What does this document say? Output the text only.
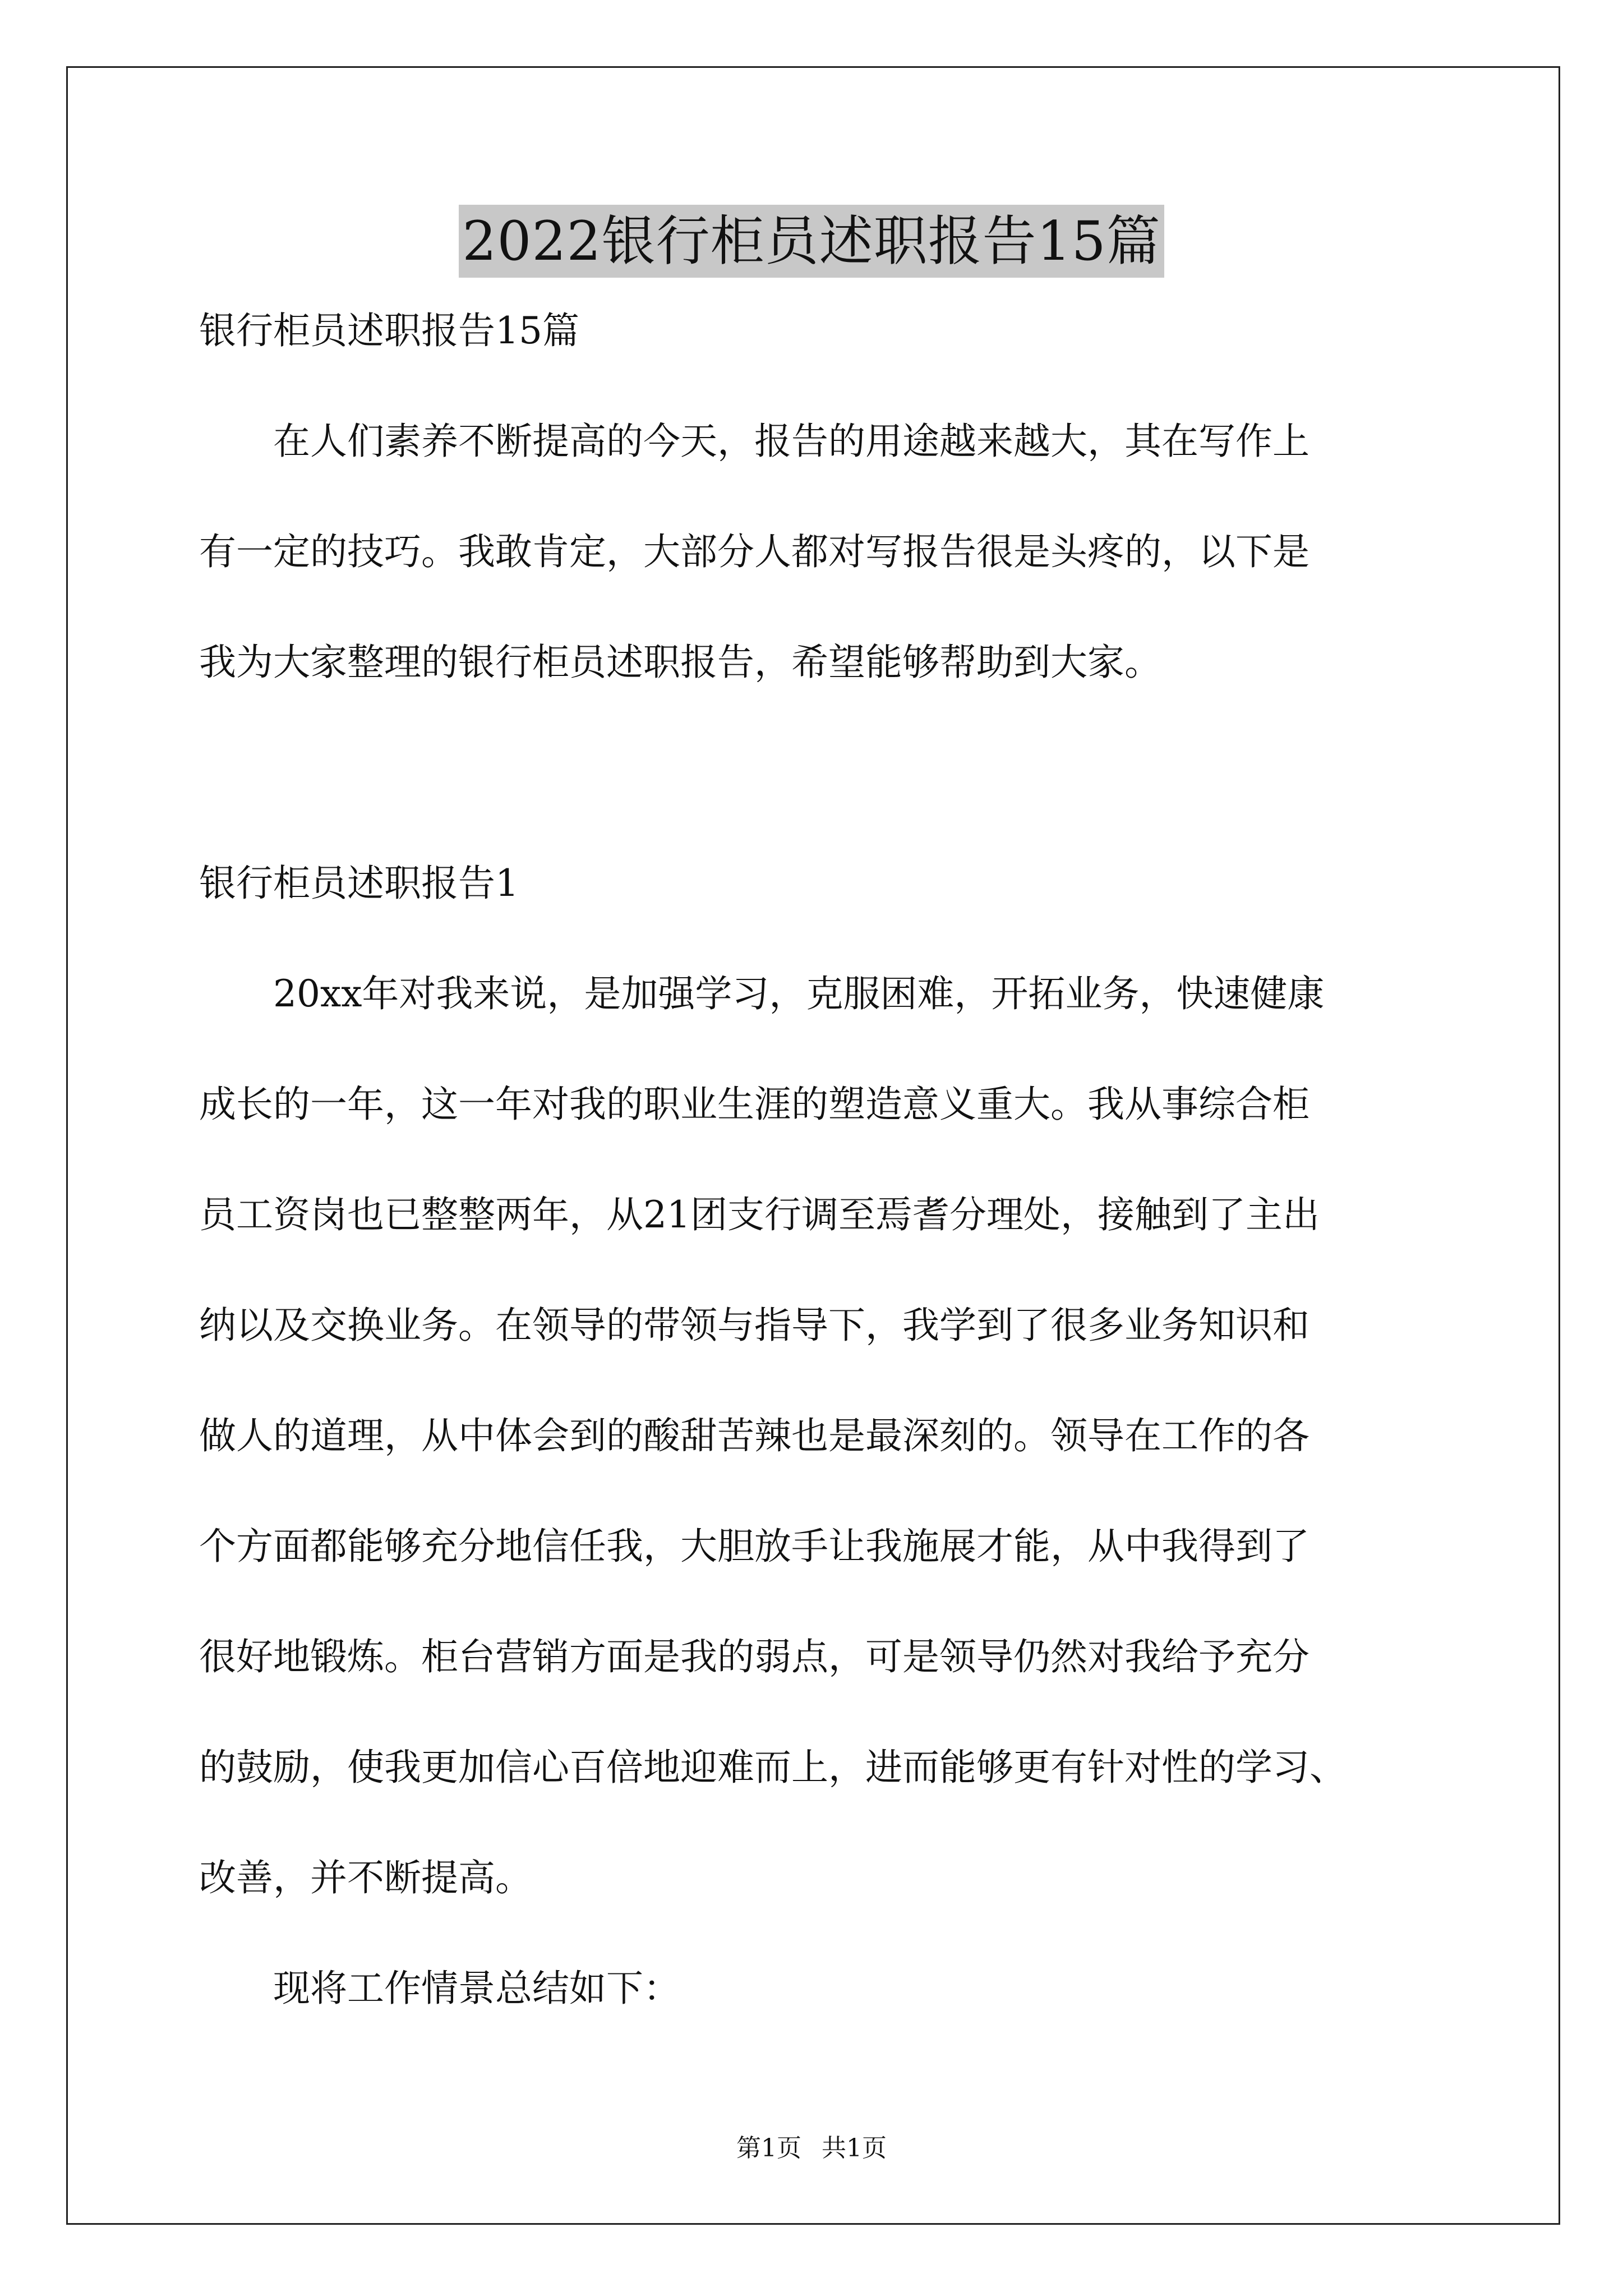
2022银行柜员述职报告15篇
银行柜员述职报告15篇
　　在人们素养不断提高的今天，报告的用途越来越大，其在写作上
有一定的技巧。我敢肯定，大部分人都对写报告很是头疼的，以下是
我为大家整理的银行柜员述职报告，希望能够帮助到大家。
银行柜员述职报告1
　　20xx年对我来说，是加强学习，克服困难，开拓业务，快速健康
成长的一年，这一年对我的职业生涯的塑造意义重大。我从事综合柜
员工资岗也已整整两年，从21团支行调至焉耆分理处，接触到了主出
纳以及交换业务。在领导的带领与指导下，我学到了很多业务知识和
做人的道理，从中体会到的酸甜苦辣也是最深刻的。领导在工作的各
个方面都能够充分地信任我，大胆放手让我施展才能，从中我得到了
很好地锻炼。柜台营销方面是我的弱点，可是领导仍然对我给予充分
的鼓励，使我更加信心百倍地迎难而上，进而能够更有针对性的学习、
改善，并不断提高。
　　现将工作情景总结如下：
第1页 共1页
